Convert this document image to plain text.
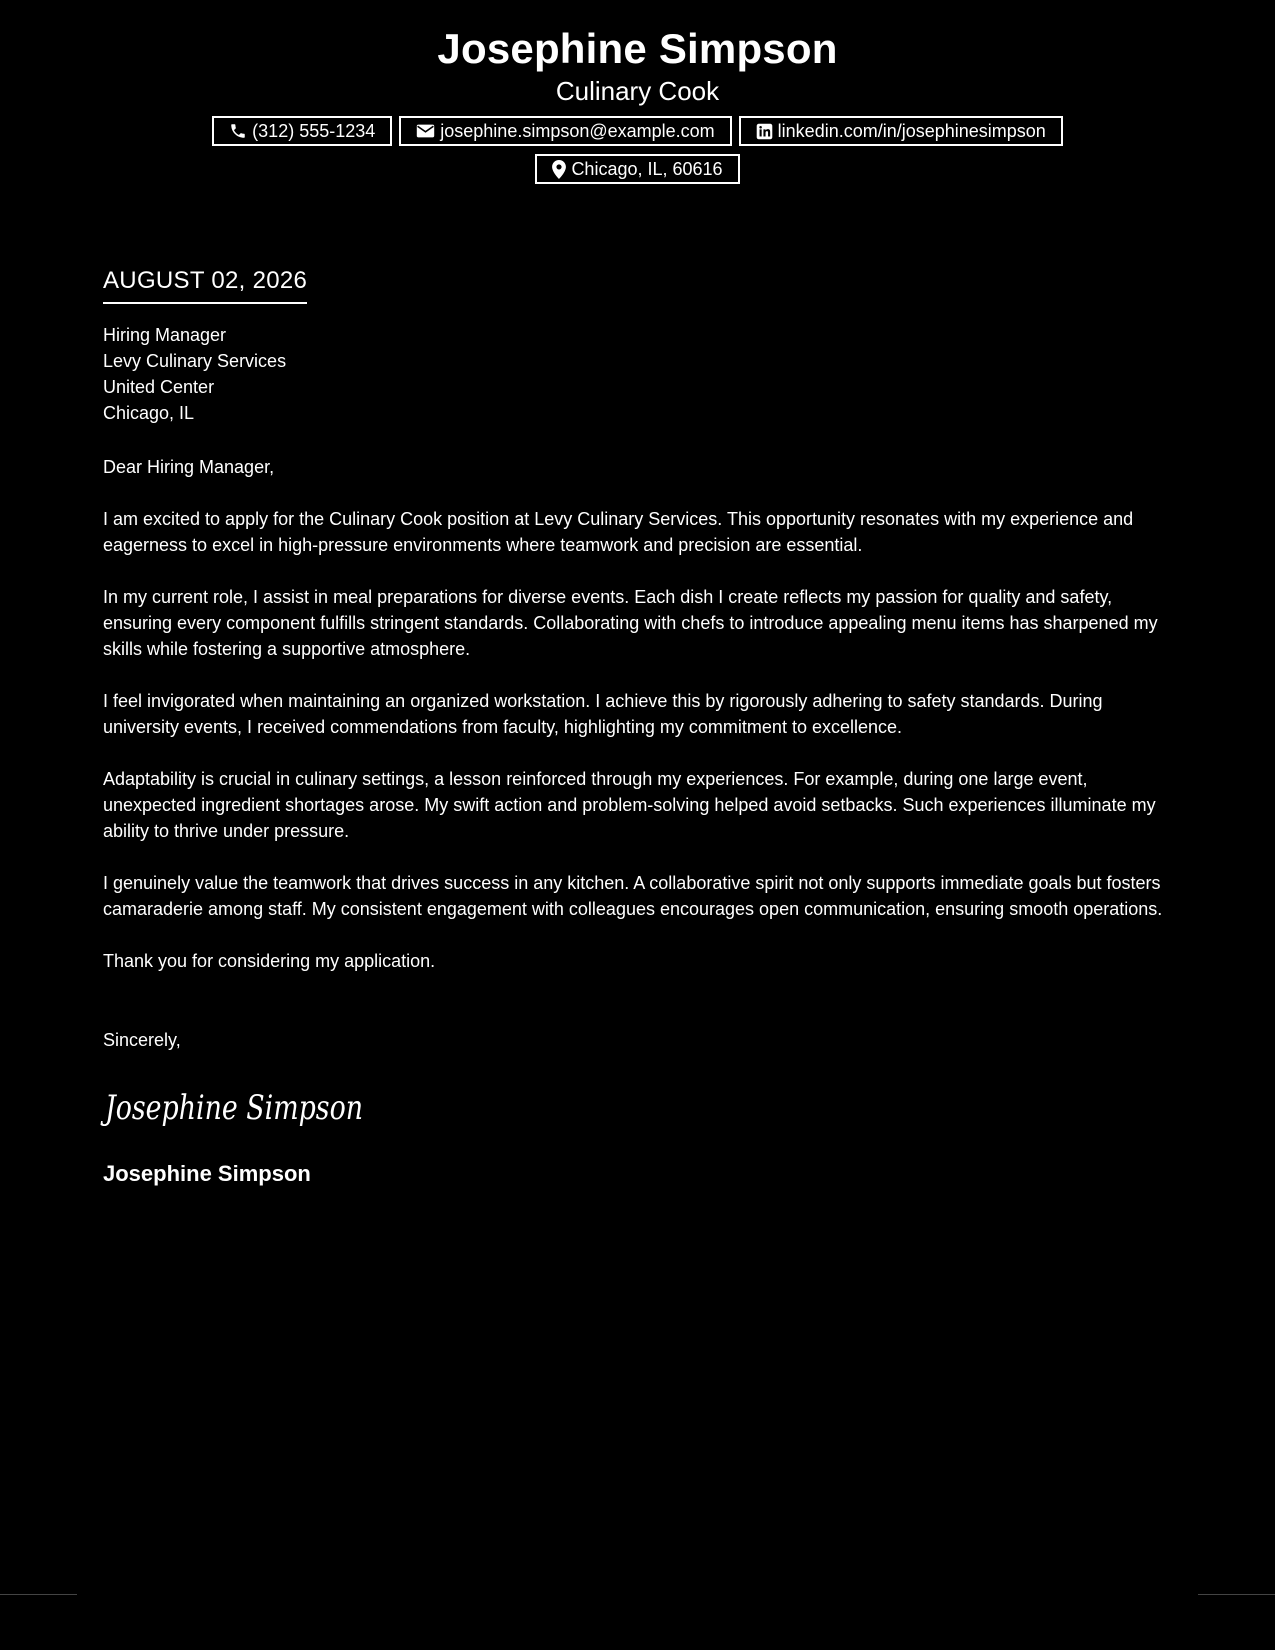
Josephine Simpson
Culinary Cook
(312) 555-1234	josephine.simpson@example.com	linkedin.com/in/josephinesimpson
Chicago, IL, 60616
AUGUST 02, 2026
Hiring Manager
Levy Culinary Services
United Center
Chicago, IL
Dear Hiring Manager,
I am excited to apply for the Culinary Cook position at Levy Culinary Services. This opportunity resonates with my experience and eagerness to excel in high-pressure environments where teamwork and precision are essential.
In my current role, I assist in meal preparations for diverse events. Each dish I create reflects my passion for quality and safety, ensuring every component fulfills stringent standards. Collaborating with chefs to introduce appealing menu items has sharpened my skills while fostering a supportive atmosphere.
I feel invigorated when maintaining an organized workstation. I achieve this by rigorously adhering to safety standards. During university events, I received commendations from faculty, highlighting my commitment to excellence.
Adaptability is crucial in culinary settings, a lesson reinforced through my experiences. For example, during one large event, unexpected ingredient shortages arose. My swift action and problem-solving helped avoid setbacks. Such experiences illuminate my ability to thrive under pressure.
I genuinely value the teamwork that drives success in any kitchen. A collaborative spirit not only supports immediate goals but fosters camaraderie among staff. My consistent engagement with colleagues encourages open communication, ensuring smooth operations.
Thank you for considering my application.
Sincerely,
Josephine Simpson
Josephine Simpson
